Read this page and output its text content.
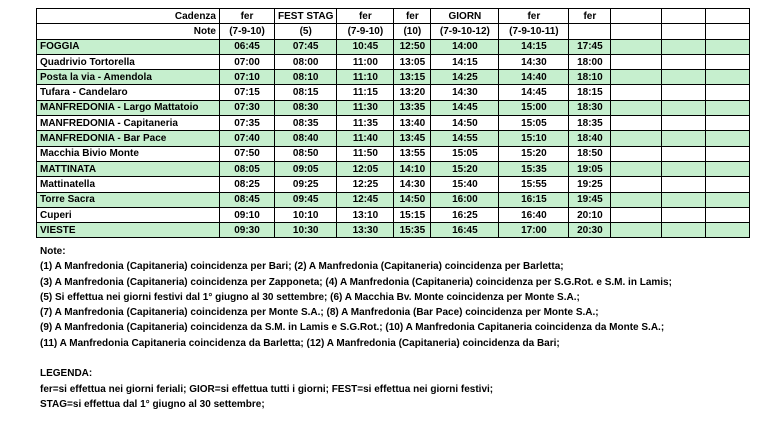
Cadenza	fer	FEST STAG	fer	fer	GIORN	fer	fer			
Note	(7-9-10)	(5)	(7-9-10)	(10)	(7-9-10-12)	(7-9-10-11)				
FOGGIA	06:45	07:45	10:45	12:50	14:00	14:15	17:45			
Quadrivio Tortorella	07:00	08:00	11:00	13:05	14:15	14:30	18:00			
Posta la via - Amendola	07:10	08:10	11:10	13:15	14:25	14:40	18:10			
Tufara - Candelaro	07:15	08:15	11:15	13:20	14:30	14:45	18:15			
MANFREDONIA - Largo Mattatoio	07:30	08:30	11:30	13:35	14:45	15:00	18:30			
MANFREDONIA - Capitaneria	07:35	08:35	11:35	13:40	14:50	15:05	18:35			
MANFREDONIA - Bar Pace	07:40	08:40	11:40	13:45	14:55	15:10	18:40			
Macchia Bivio Monte	07:50	08:50	11:50	13:55	15:05	15:20	18:50			
MATTINATA	08:05	09:05	12:05	14:10	15:20	15:35	19:05			
Mattinatella	08:25	09:25	12:25	14:30	15:40	15:55	19:25			
Torre Sacra	08:45	09:45	12:45	14:50	16:00	16:15	19:45			
Cuperi	09:10	10:10	13:10	15:15	16:25	16:40	20:10			
VIESTE	09:30	10:30	13:30	15:35	16:45	17:00	20:30			
Note:
(1) A Manfredonia (Capitaneria) coincidenza per Bari; (2) A Manfredonia (Capitaneria) coincidenza per Barletta;
(3) A Manfredonia (Capitaneria) coincidenza per Zapponeta; (4) A Manfredonia (Capitaneria) coincidenza per S.G.Rot. e S.M. in Lamis;
(5) Si effettua nei giorni festivi dal 1° giugno al 30 settembre; (6) A Macchia Bv. Monte coincidenza per Monte S.A.;
(7) A Manfredonia (Capitaneria) coincidenza per Monte S.A.; (8) A Manfredonia (Bar Pace) coincidenza per Monte S.A.;
(9) A Manfredonia (Capitaneria) coincidenza da S.M. in Lamis e S.G.Rot.; (10) A Manfredonia Capitaneria coincidenza da Monte S.A.;
(11) A Manfredonia Capitaneria coincidenza da Barletta; (12) A Manfredonia (Capitaneria) coincidenza da Bari;
LEGENDA:
fer=si effettua nei giorni feriali; GIOR=si effettua tutti i giorni; FEST=si effettua nei giorni festivi;
STAG=si effettua dal 1° giugno al 30 settembre;
